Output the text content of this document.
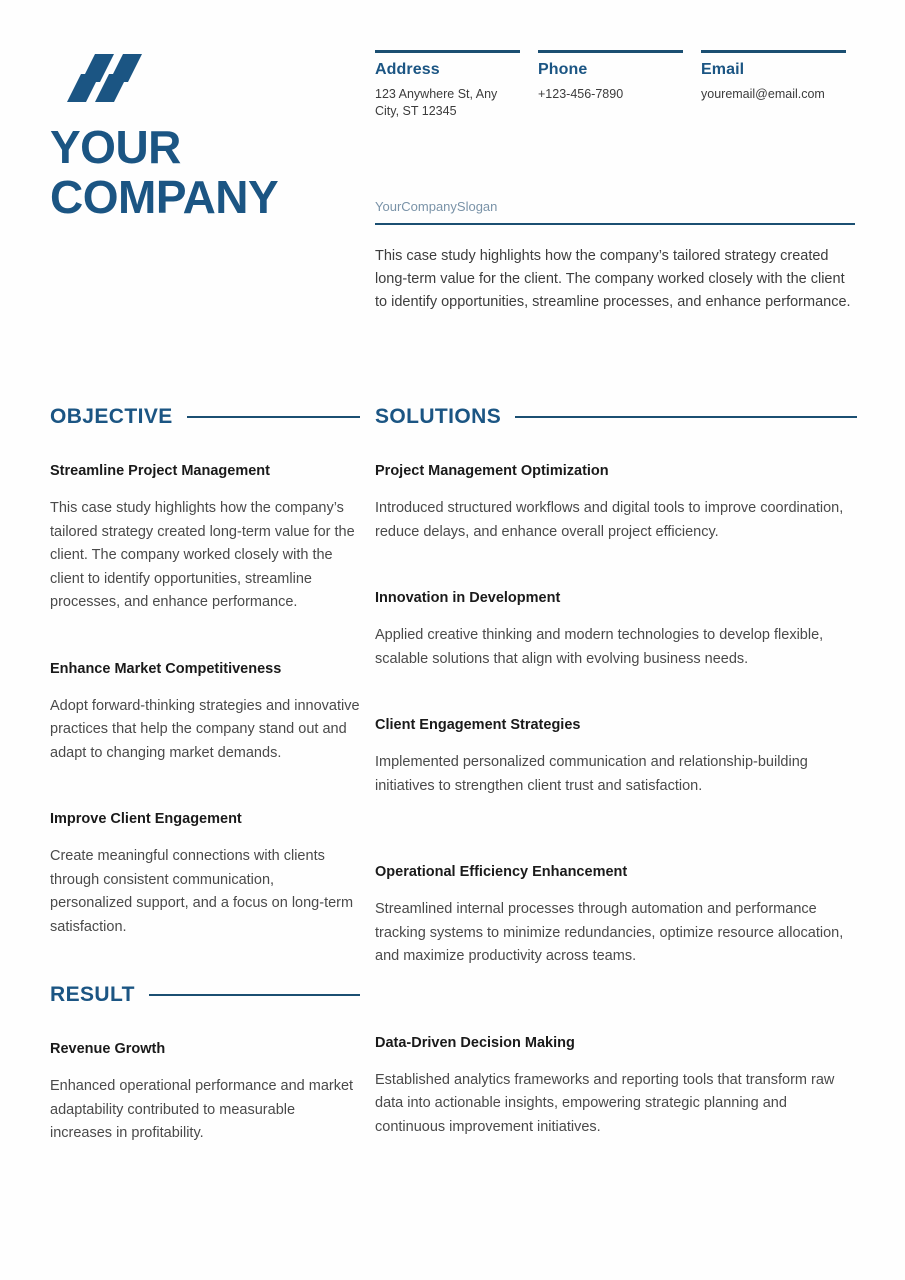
YOUR
COMPANY
Address
123 Anywhere St, Any City, ST 12345
Phone
+123-456-7890
Email
youremail@email.com
YourCompanySlogan
This case study highlights how the company’s tailored strategy created long-term value for the client. The company worked closely with the client to identify opportunities, streamline processes, and enhance performance.
OBJECTIVE
Streamline Project Management
This case study highlights how the company’s tailored strategy created long-term value for the client. The company worked closely with the client to identify opportunities, streamline processes, and enhance performance.
Enhance Market Competitiveness
Adopt forward-thinking strategies and innovative practices that help the company stand out and adapt to changing market demands.
Improve Client Engagement
Create meaningful connections with clients through consistent communication, personalized support, and a focus on long-term satisfaction.
RESULT
Revenue Growth
Enhanced operational performance and market adaptability contributed to measurable increases in profitability.
SOLUTIONS
Project Management Optimization
Introduced structured workflows and digital tools to improve coordination, reduce delays, and enhance overall project efficiency.
Innovation in Development
Applied creative thinking and modern technologies to develop flexible, scalable solutions that align with evolving business needs.
Client Engagement Strategies
Implemented personalized communication and relationship-building initiatives to strengthen client trust and satisfaction.
Operational Efficiency Enhancement
Streamlined internal processes through automation and performance tracking systems to minimize redundancies, optimize resource allocation, and maximize productivity across teams.
Data-Driven Decision Making
Established analytics frameworks and reporting tools that transform raw data into actionable insights, empowering strategic planning and continuous improvement initiatives.
